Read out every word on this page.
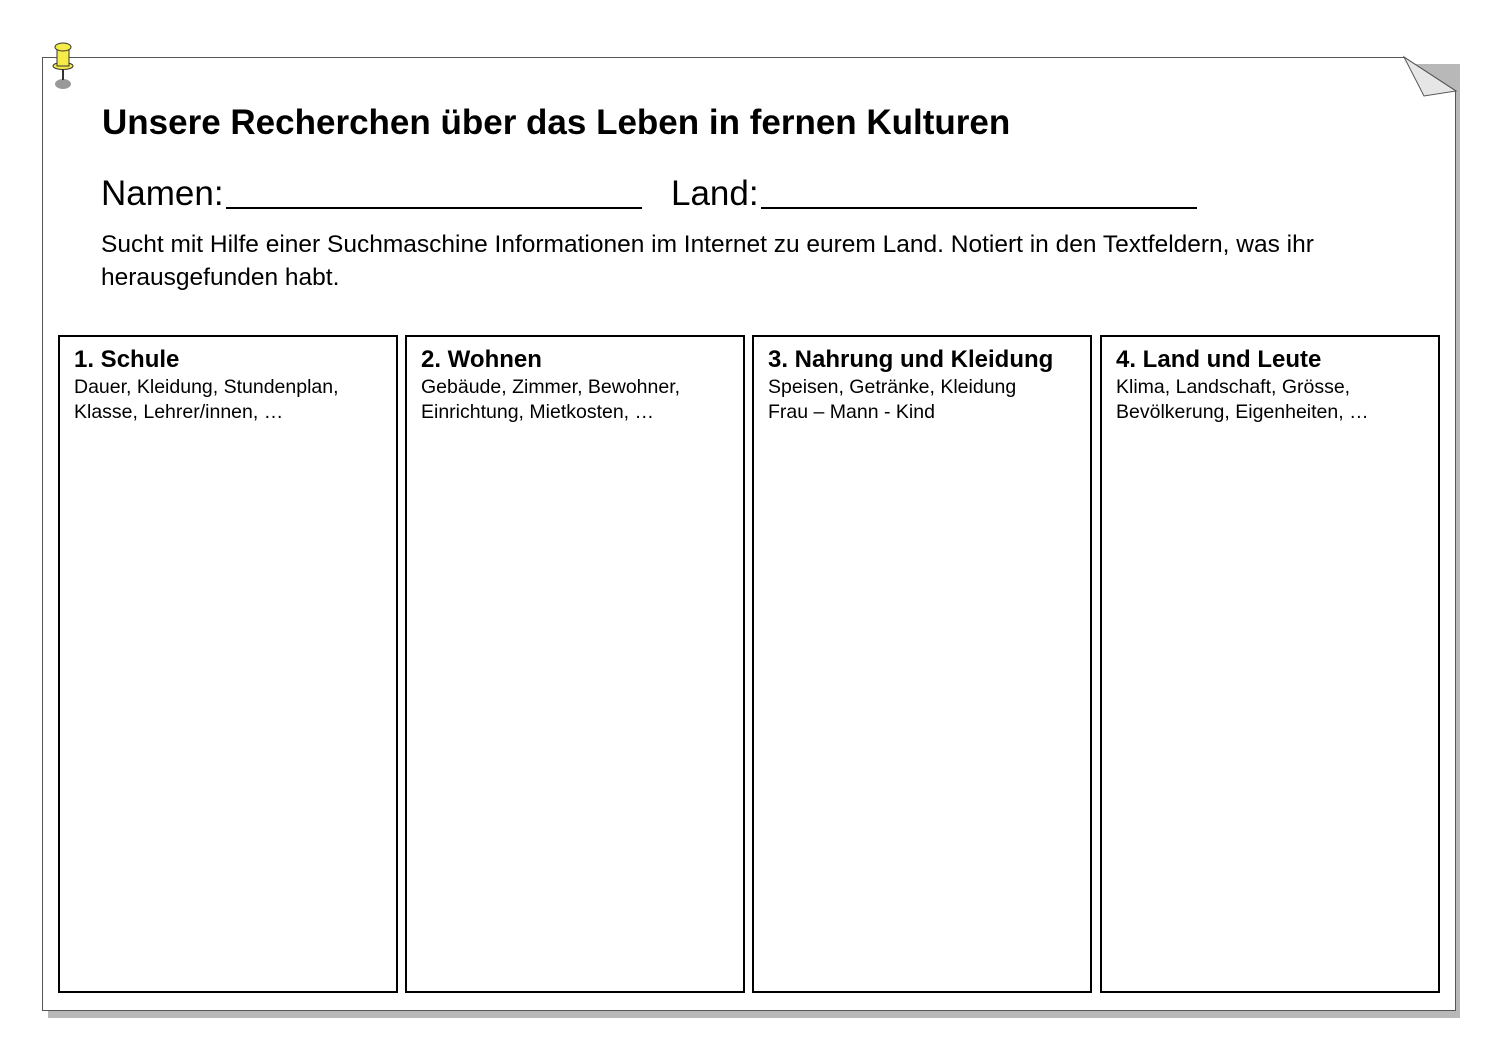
Unsere Recherchen über das Leben in fernen Kulturen
Namen:	Land:
Sucht mit Hilfe einer Suchmaschine Informationen im Internet zu eurem Land. Notiert in den Textfeldern, was ihr herausgefunden habt.
1. Schule
Dauer, Kleidung, Stundenplan,
Klasse, Lehrer/innen, …
2. Wohnen
Gebäude, Zimmer, Bewohner,
Einrichtung, Mietkosten, …
3. Nahrung und Kleidung
Speisen, Getränke, Kleidung
Frau – Mann - Kind
4. Land und Leute
Klima, Landschaft, Grösse,
Bevölkerung, Eigenheiten, …
